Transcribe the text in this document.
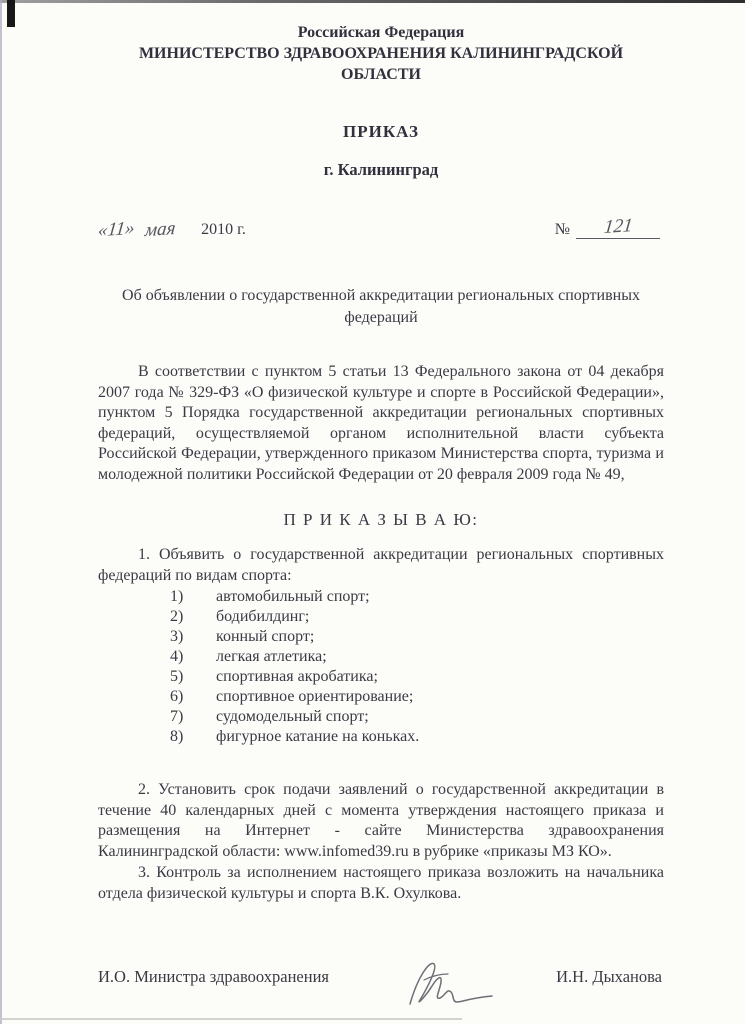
Российская Федерация
МИНИСТЕРСТВО ЗДРАВООХРАНЕНИЯ КАЛИНИНГРАДСКОЙ ОБЛАСТИ
ПРИКАЗ
г. Калининград
«11» мая 2010 г.	№	121
Об объявлении о государственной аккредитации региональных спортивных федераций

В соответствии с пунктом 5 статьи 13 Федерального закона от 04 декабря 2007 года № 329-ФЗ «О физической культуре и спорте в Российской Федерации», пунктом 5 Порядка государственной аккредитации региональных спортивных федераций, осуществляемой органом исполнительной власти субъекта Российской Федерации, утвержденного приказом Министерства спорта, туризма и молодежной политики Российской Федерации от 20 февраля 2009 года № 49,

П Р И К А З Ы В А Ю:

1. Объявить о государственной аккредитации региональных спортивных федераций по видам спорта:

1)	автомобильный спорт;
2)	бодибилдинг;
3)	конный спорт;
4)	легкая атлетика;
5)	спортивная акробатика;
6)	спортивное ориентирование;
7)	судомодельный спорт;
8)	фигурное катание на коньках.

2. Установить срок подачи заявлений о государственной аккредитации в течение 40 календарных дней с момента утверждения настоящего приказа и размещения на Интернет - сайте Министерства здравоохранения Калининградской области: www.infomed39.ru в рубрике «приказы МЗ КО».

3. Контроль за исполнением настоящего приказа возложить на начальника отдела физической культуры и спорта В.К. Охулкова.

И.О. Министра здравоохранения	И.Н. Дыханова
